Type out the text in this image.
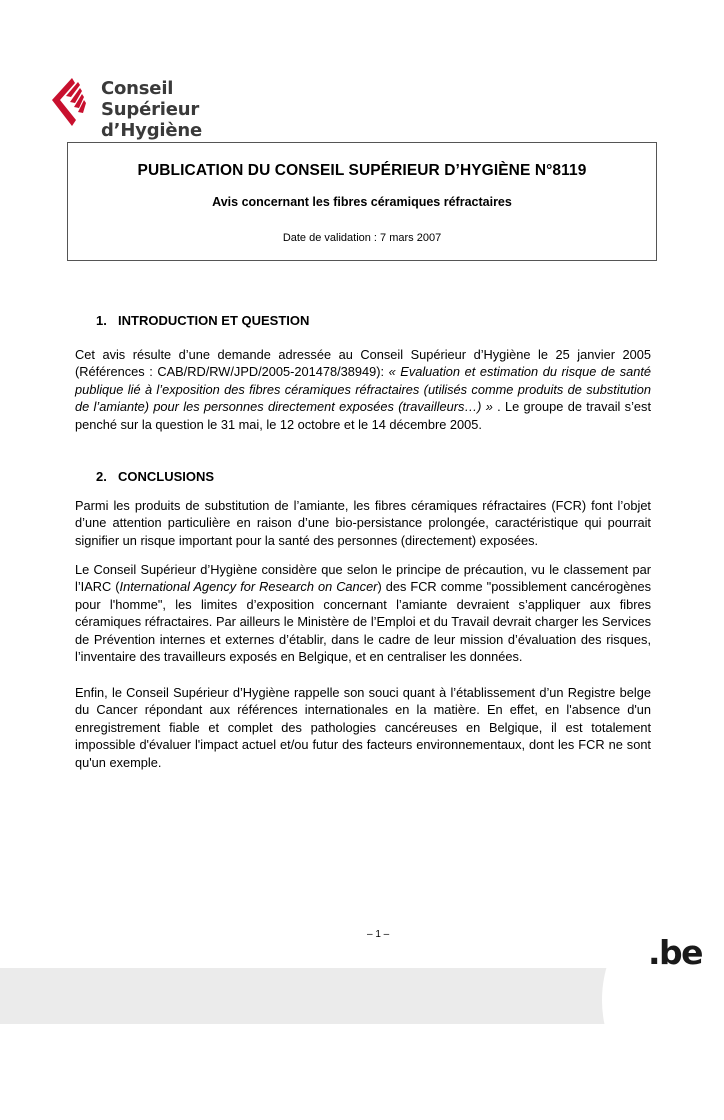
Conseil Supérieur
d’Hygiène
PUBLICATION DU CONSEIL SUPÉRIEUR D’HYGIÈNE N°8119
Avis concernant les fibres céramiques réfractaires
Date de validation : 7 mars 2007
1. INTRODUCTION ET QUESTION

Cet avis résulte d’une demande adressée au Conseil Supérieur d’Hygiène le 25 janvier 2005 (Références : CAB/RD/RW/JPD/2005-201478/38949): « Evaluation et estimation du risque de santé publique lié à l’exposition des fibres céramiques réfractaires (utilisés comme produits de substitution de l’amiante) pour les personnes directement exposées (travailleurs…) » . Le groupe de travail s’est penché sur la question le 31 mai, le 12 octobre et le 14 décembre 2005.

2. CONCLUSIONS

Parmi les produits de substitution de l’amiante, les fibres céramiques réfractaires (FCR) font l’objet d’une attention particulière en raison d’une bio-persistance prolongée, caractéristique qui pourrait signifier un risque important pour la santé des personnes (directement) exposées.

Le Conseil Supérieur d’Hygiène considère que selon le principe de précaution, vu le classement par l’IARC (International Agency for Research on Cancer) des FCR comme "possiblement cancérogènes pour l'homme", les limites d’exposition concernant l’amiante devraient s’appliquer aux fibres céramiques réfractaires. Par ailleurs le Ministère de l’Emploi et du Travail devrait charger les Services de Prévention internes et externes d’établir, dans le cadre de leur mission d’évaluation des risques, l’inventaire des travailleurs exposés en Belgique, et en centraliser les données.

Enfin, le Conseil Supérieur d’Hygiène rappelle son souci quant à l’établissement d’un Registre belge du Cancer répondant aux références internationales en la matière. En effet, en l'absence d'un enregistrement fiable et complet des pathologies cancéreuses en Belgique, il est totalement impossible d'évaluer l'impact actuel et/ou futur des facteurs environnementaux, dont les FCR ne sont qu'un exemple.

– 1 –	.be
